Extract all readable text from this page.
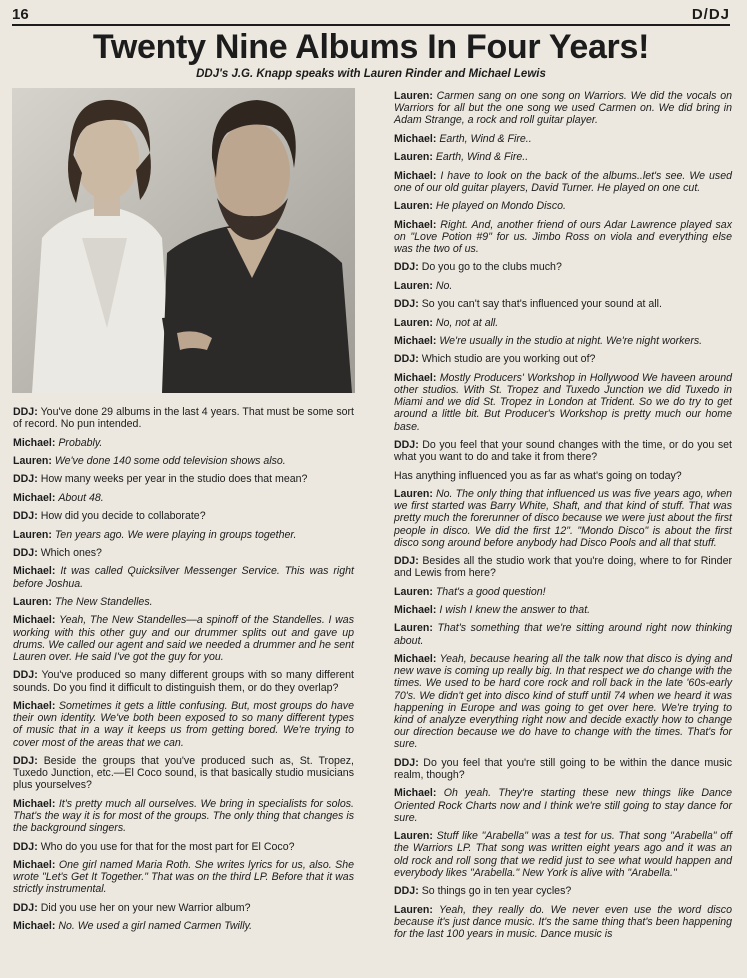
16	D/DJ
Twenty Nine Albums In Four Years!
DDJ's J.G. Knapp speaks with Lauren Rinder and Michael Lewis

DDJ: You've done 29 albums in the last 4 years. That must be some sort of record. No pun intended.

Michael: Probably.

Lauren: We've done 140 some odd television shows also.

DDJ: How many weeks per year in the studio does that mean?

Michael: About 48.

DDJ: How did you decide to collaborate?

Lauren: Ten years ago. We were playing in groups together.

DDJ: Which ones?

Michael: It was called Quicksilver Messenger Service. This was right before Joshua.

Lauren: The New Standelles.

Michael: Yeah, The New Standelles—a spinoff of the Standelles. I was working with this other guy and our drummer splits out and gave up drums. We called our agent and said we needed a drummer and he sent Lauren over. He said I've got the guy for you.

DDJ: You've produced so many different groups with so many different sounds. Do you find it difficult to distinguish them, or do they overlap?

Michael: Sometimes it gets a little confusing. But, most groups do have their own identity. We've both been exposed to so many different types of music that in a way it keeps us from getting bored. We're trying to cover most of the areas that we can.

DDJ: Beside the groups that you've produced such as, St. Tropez, Tuxedo Junction, etc.—El Coco sound, is that basically studio musicians plus yourselves?

Michael: It's pretty much all ourselves. We bring in specialists for solos. That's the way it is for most of the groups. The only thing that changes is the background singers.

DDJ: Who do you use for that for the most part for El Coco?

Michael: One girl named Maria Roth. She writes lyrics for us, also. She wrote "Let's Get It Together." That was on the third LP. Before that it was strictly instrumental.

DDJ: Did you use her on your new Warrior album?

Michael: No. We used a girl named Carmen Twilly.

Lauren: Carmen sang on one song on Warriors. We did the vocals on Warriors for all but the one song we used Carmen on. We did bring in Adam Strange, a rock and roll guitar player.

Michael: Earth, Wind & Fire..

Lauren: Earth, Wind & Fire..

Michael: I have to look on the back of the albums..let's see. We used one of our old guitar players, David Turner. He played on one cut.

Lauren: He played on Mondo Disco.

Michael: Right. And, another friend of ours Adar Lawrence played sax on "Love Potion #9" for us. Jimbo Ross on viola and everything else was the two of us.

DDJ: Do you go to the clubs much?

Lauren: No.

DDJ: So you can't say that's influenced your sound at all.

Lauren: No, not at all.

Michael: We're usually in the studio at night. We're night workers.

DDJ: Which studio are you working out of?

Michael: Mostly Producers' Workshop in Hollywood We haveen around other studios. With St. Tropez and Tuxedo Junction we did Tuxedo in Miami and we did St. Tropez in London at Trident. So we do try to get around a little bit. But Producer's Workshop is pretty much our home base.

DDJ: Do you feel that your sound changes with the time, or do you set what you want to do and take it from there?

Has anything influenced you as far as what's going on today?

Lauren: No. The only thing that influenced us was five years ago, when we first started was Barry White, Shaft, and that kind of stuff. That was pretty much the forerunner of disco because we were just about the first people in disco. We did the first 12". "Mondo Disco" is about the first disco song around before anybody had Disco Pools and all that stuff.

DDJ: Besides all the studio work that you're doing, where to for Rinder and Lewis from here?

Lauren: That's a good question!

Michael: I wish I knew the answer to that.

Lauren: That's something that we're sitting around right now thinking about.

Michael: Yeah, because hearing all the talk now that disco is dying and new wave is coming up really big. In that respect we do change with the times. We used to be hard core rock and roll back in the late '60s-early 70's. We didn't get into disco kind of stuff until 74 when we heard it was happening in Europe and was going to get over here. We're trying to kind of analyze everything right now and decide exactly how to change our direction because we do have to change with the times. That's for sure.

DDJ: Do you feel that you're still going to be within the dance music realm, though?

Michael: Oh yeah. They're starting these new things like Dance Oriented Rock Charts now and I think we're still going to stay dance for sure.

Lauren: Stuff like "Arabella" was a test for us. That song "Arabella" off the Warriors LP. That song was written eight years ago and it was an old rock and roll song that we redid just to see what would happen and everybody likes "Arabella." New York is alive with "Arabella."

DDJ: So things go in ten year cycles?

Lauren: Yeah, they really do. We never even use the word disco because it's just dance music. It's the same thing that's been happening for the last 100 years in music. Dance music is
